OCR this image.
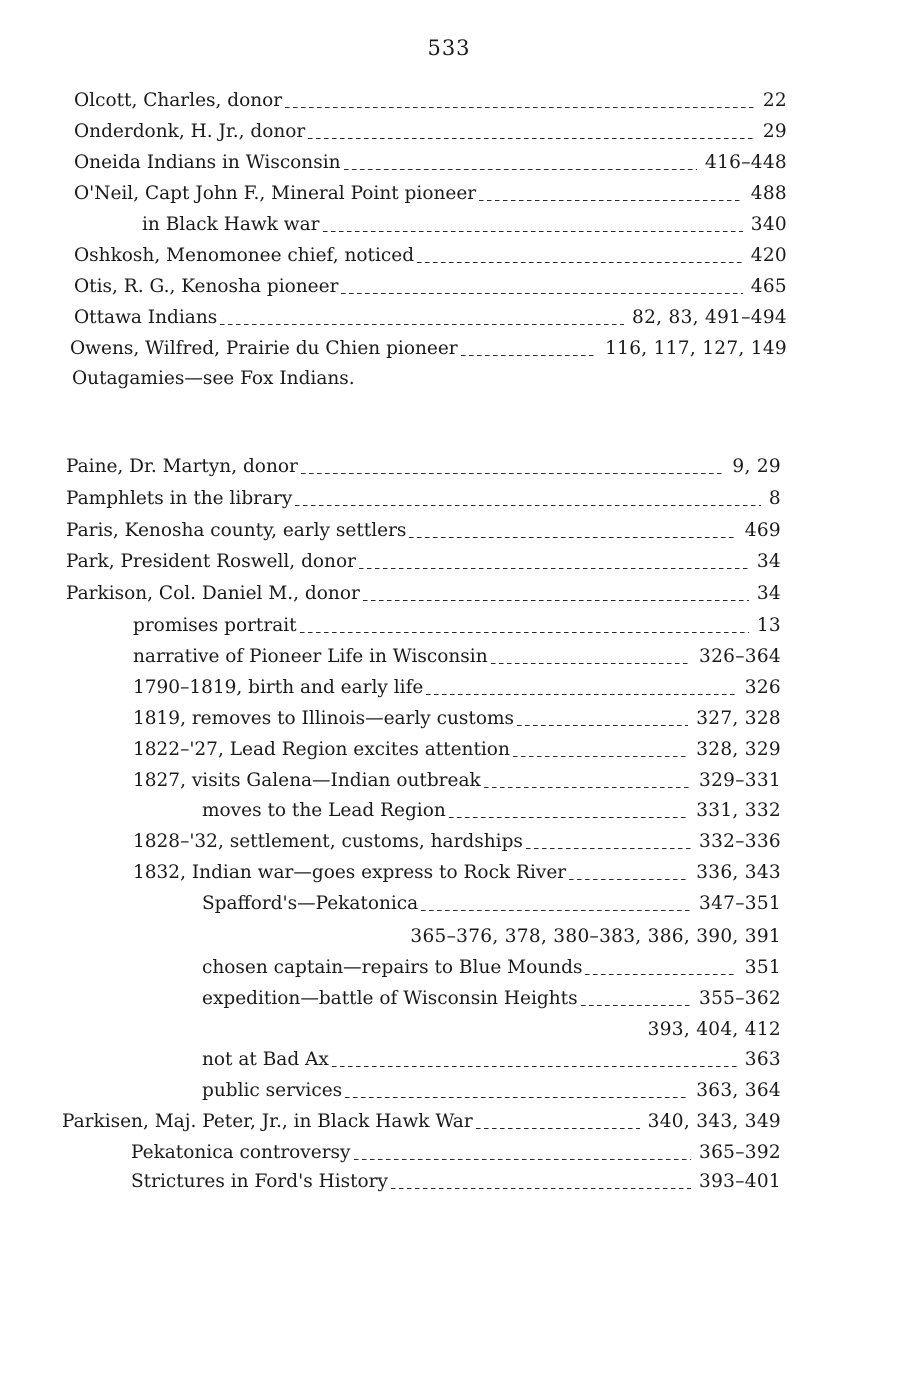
533
Olcott, Charles, donor	22
Onderdonk, H. Jr., donor	29
Oneida Indians in Wisconsin	416–448
O'Neil, Capt John F., Mineral Point pioneer	488
in Black Hawk war	340
Oshkosh, Menomonee chief, noticed	420
Otis, R. G., Kenosha pioneer	465
Ottawa Indians	82, 83, 491–494
Owens, Wilfred, Prairie du Chien pioneer	116, 117, 127, 149
Outagamies—see Fox Indians.
Paine, Dr. Martyn, donor	9, 29
Pamphlets in the library	8
Paris, Kenosha county, early settlers	469
Park, President Roswell, donor	34
Parkison, Col. Daniel M., donor	34
promises portrait	13
narrative of Pioneer Life in Wisconsin	326–364
1790–1819, birth and early life	326
1819, removes to Illinois—early customs	327, 328
1822–'27, Lead Region excites attention	328, 329
1827, visits Galena—Indian outbreak	329–331
moves to the Lead Region	331, 332
1828–'32, settlement, customs, hardships	332–336
1832, Indian war—goes express to Rock River	336, 343
Spafford's—Pekatonica	347–351
365–376, 378, 380–383, 386, 390, 391
chosen captain—repairs to Blue Mounds	351
expedition—battle of Wisconsin Heights	355–362
393, 404, 412
not at Bad Ax	363
public services	363, 364
Parkisen, Maj. Peter, Jr., in Black Hawk War	340, 343, 349
Pekatonica controversy	365–392
Strictures in Ford's History	393–401
